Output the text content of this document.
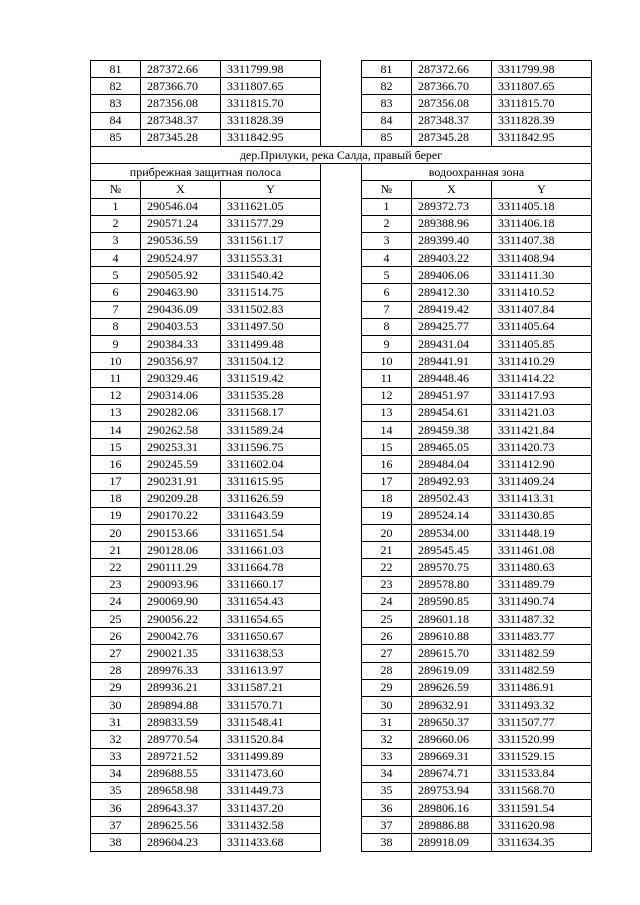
81	287372.66	3311799.98		81	287372.66	3311799.98
82	287366.70	3311807.65		82	287366.70	3311807.65
83	287356.08	3311815.70		83	287356.08	3311815.70
84	287348.37	3311828.39		84	287348.37	3311828.39
85	287345.28	3311842.95		85	287345.28	3311842.95
дер.Прилуки, река Салда, правый берег						
прибрежная защитная полоса				водоохранная зона		
№	X	Y		№	X	Y
1	290546.04	3311621.05		1	289372.73	3311405.18
2	290571.24	3311577.29		2	289388.96	3311406.18
3	290536.59	3311561.17		3	289399.40	3311407.38
4	290524.97	3311553.31		4	289403.22	3311408.94
5	290505.92	3311540.42		5	289406.06	3311411.30
6	290463.90	3311514.75		6	289412.30	3311410.52
7	290436.09	3311502.83		7	289419.42	3311407.84
8	290403.53	3311497.50		8	289425.77	3311405.64
9	290384.33	3311499.48		9	289431.04	3311405.85
10	290356.97	3311504.12		10	289441.91	3311410.29
11	290329.46	3311519.42		11	289448.46	3311414.22
12	290314.06	3311535.28		12	289451.97	3311417.93
13	290282.06	3311568.17		13	289454.61	3311421.03
14	290262.58	3311589.24		14	289459.38	3311421.84
15	290253.31	3311596.75		15	289465.05	3311420.73
16	290245.59	3311602.04		16	289484.04	3311412.90
17	290231.91	3311615.95		17	289492.93	3311409.24
18	290209.28	3311626.59		18	289502.43	3311413.31
19	290170.22	3311643.59		19	289524.14	3311430.85
20	290153.66	3311651.54		20	289534.00	3311448.19
21	290128.06	3311661.03		21	289545.45	3311461.08
22	290111.29	3311664.78		22	289570.75	3311480.63
23	290093.96	3311660.17		23	289578.80	3311489.79
24	290069.90	3311654.43		24	289590.85	3311490.74
25	290056.22	3311654.65		25	289601.18	3311487.32
26	290042.76	3311650.67		26	289610.88	3311483.77
27	290021.35	3311638.53		27	289615.70	3311482.59
28	289976.33	3311613.97		28	289619.09	3311482.59
29	289936.21	3311587.21		29	289626.59	3311486.91
30	289894.88	3311570.71		30	289632.91	3311493.32
31	289833.59	3311548.41		31	289650.37	3311507.77
32	289770.54	3311520.84		32	289660.06	3311520.99
33	289721.52	3311499.89		33	289669.31	3311529.15
34	289688.55	3311473.60		34	289674.71	3311533.84
35	289658.98	3311449.73		35	289753.94	3311568.70
36	289643.37	3311437.20		36	289806.16	3311591.54
37	289625.56	3311432.58		37	289886.88	3311620.98
38	289604.23	3311433.68		38	289918.09	3311634.35
